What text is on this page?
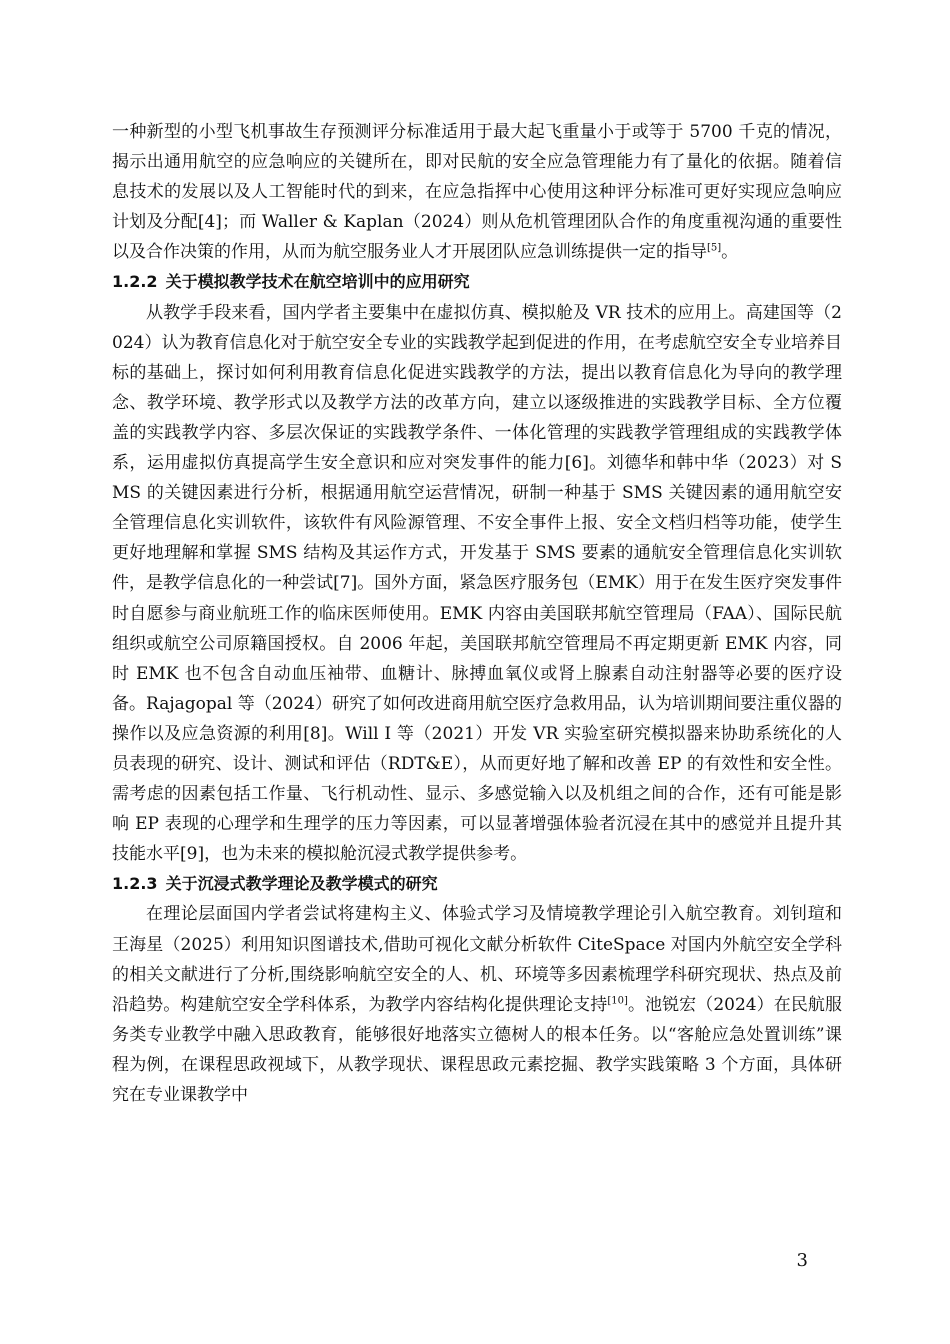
一种新型的小型飞机事故生存预测评分标准适用于最大起飞重量小于或等于 5700 千克的情况，揭示出通用航空的应急响应的关键所在，即对民航的安全应急管理能力有了量化的依据。随着信息技术的发展以及人工智能时代的到来，在应急指挥中心使用这种评分标准可更好实现应急响应计划及分配[4]；而 Waller & Kaplan（2024）则从危机管理团队合作的角度重视沟通的重要性以及合作决策的作用，从而为航空服务业人才开展团队应急训练提供一定的指导[5]。

1.2.2 关于模拟教学技术在航空培训中的应用研究

从教学手段来看，国内学者主要集中在虚拟仿真、模拟舱及 VR 技术的应用上。高建国等（2024）认为教育信息化对于航空安全专业的实践教学起到促进的作用，在考虑航空安全专业培养目标的基础上，探讨如何利用教育信息化促进实践教学的方法，提出以教育信息化为导向的教学理念、教学环境、教学形式以及教学方法的改革方向，建立以逐级推进的实践教学目标、全方位覆盖的实践教学内容、多层次保证的实践教学条件、一体化管理的实践教学管理组成的实践教学体系，运用虚拟仿真提高学生安全意识和应对突发事件的能力[6]。刘德华和韩中华（2023）对 SMS 的关键因素进行分析，根据通用航空运营情况，研制一种基于 SMS 关键因素的通用航空安全管理信息化实训软件，该软件有风险源管理、不安全事件上报、安全文档归档等功能，使学生更好地理解和掌握 SMS 结构及其运作方式，开发基于 SMS 要素的通航安全管理信息化实训软件，是教学信息化的一种尝试[7]。国外方面，紧急医疗服务包（EMK）用于在发生医疗突发事件时自愿参与商业航班工作的临床医师使用。EMK 内容由美国联邦航空管理局（FAA）、国际民航组织或航空公司原籍国授权。自 2006 年起，美国联邦航空管理局不再定期更新 EMK 内容，同时 EMK 也不包含自动血压袖带、血糖计、脉搏血氧仪或肾上腺素自动注射器等必要的医疗设备。Rajagopal 等（2024）研究了如何改进商用航空医疗急救用品，认为培训期间要注重仪器的操作以及应急资源的利用[8]。Will I 等（2021）开发 VR 实验室研究模拟器来协助系统化的人员表现的研究、设计、测试和评估（RDT&E），从而更好地了解和改善 EP 的有效性和安全性。需考虑的因素包括工作量、飞行机动性、显示、多感觉输入以及机组之间的合作，还有可能是影响 EP 表现的心理学和生理学的压力等因素，可以显著增强体验者沉浸在其中的感觉并且提升其技能水平[9]，也为未来的模拟舱沉浸式教学提供参考。

1.2.3 关于沉浸式教学理论及教学模式的研究

在理论层面国内学者尝试将建构主义、体验式学习及情境教学理论引入航空教育。刘钊瑄和王海星（2025）利用知识图谱技术,借助可视化文献分析软件 CiteSpace 对国内外航空安全学科的相关文献进行了分析,围绕影响航空安全的人、机、环境等多因素梳理学科研究现状、热点及前沿趋势。构建航空安全学科体系，为教学内容结构化提供理论支持[10]。池锐宏（2024）在民航服务类专业教学中融入思政教育，能够很好地落实立德树人的根本任务。以“客舱应急处置训练”课程为例，在课程思政视域下，从教学现状、课程思政元素挖掘、教学实践策略 3 个方面，具体研究在专业课教学中

3
